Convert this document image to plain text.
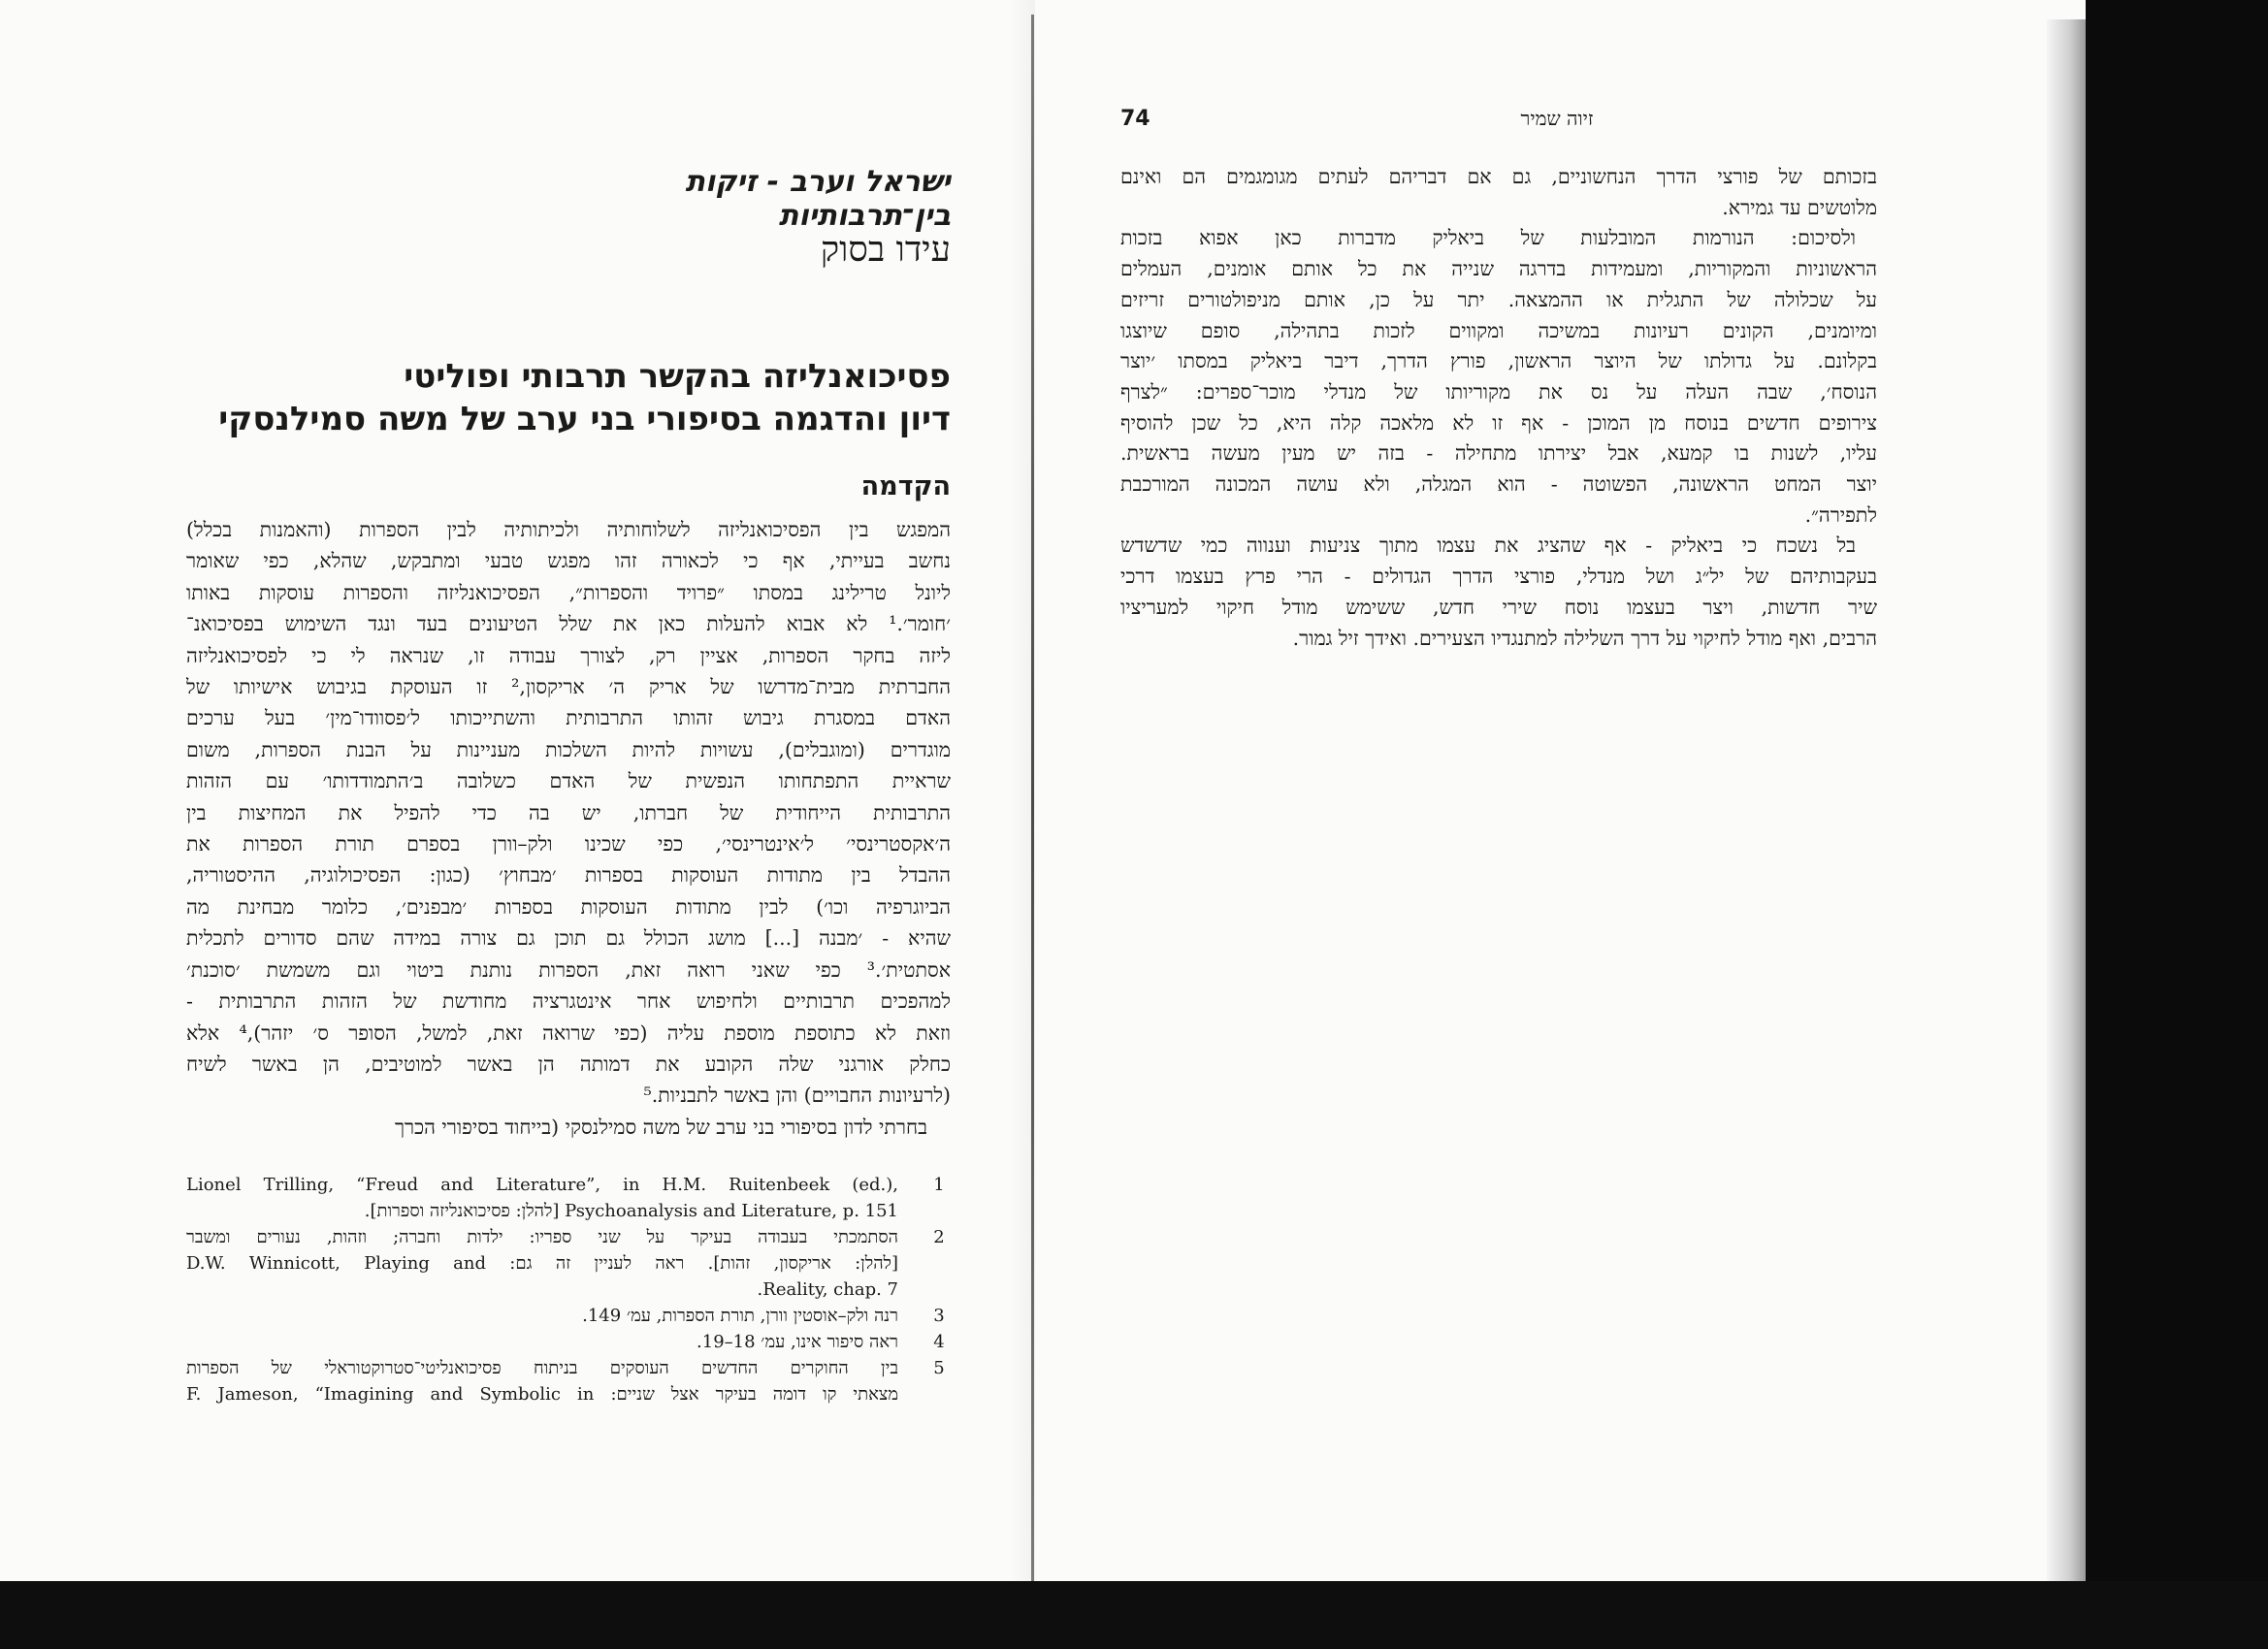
ישראל וערב - זיקות בין־תרבותיות
עידו בסוק
פסיכואנליזה בהקשר תרבותי ופוליטי
דיון והדגמה בסיפורי בני ערב של משה סמילנסקי
הקדמה
המפגש בין הפסיכואנליזה לשלוחותיה ולכיתותיה לבין הספרות (והאמנות בכלל)
נחשב בעייתי, אף כי לכאורה זהו מפגש טבעי ומתבקש, שהלא, כפי שאומר
ליונל טרילינג במסתו ״פרויד והספרות״, הפסיכואנליזה והספרות עוסקות באותו
׳חומר׳.¹ לא אבוא להעלות כאן את שלל הטיעונים בעד ונגד השימוש בפסיכואנ־
ליזה בחקר הספרות, אציין רק, לצורך עבודה זו, שנראה לי כי לפסיכואנליזה
החברתית מבית־מדרשו של אריק ה׳ אריקסון,² זו העוסקת בגיבוש אישיותו של
האדם במסגרת גיבוש זהותו התרבותית והשתייכותו ל׳פסוודו־מין׳ בעל ערכים
מוגדרים (ומוגבלים), עשויות להיות השלכות מעניינות על הבנת הספרות, משום
שראיית התפתחותו הנפשית של האדם כשלובה ב׳התמודדותו׳ עם הזהות
התרבותית הייחודית של חברתו, יש בה כדי להפיל את המחיצות בין
ה׳אקסטרינסי׳ ל׳אינטרינסי׳, כפי שכינו ולק–וורן בספרם תורת הספרות את
ההבדל בין מתודות העוסקות בספרות ׳מבחוץ׳ (כגון: הפסיכולוגיה, ההיסטוריה,
הביוגרפיה וכו׳) לבין מתודות העוסקות בספרות ׳מבפנים׳, כלומר מבחינת מה
שהיא - ׳מבנה [...] מושג הכולל גם תוכן גם צורה במידה שהם סדורים לתכלית
אסתטית׳.³ כפי שאני רואה זאת, הספרות נותנת ביטוי וגם משמשת ׳סוכנת׳
למהפכים תרבותיים ולחיפוש אחר אינטגרציה מחודשת של הזהות התרבותית -
וזאת לא כתוספת מוספת עליה (כפי שרואה זאת, למשל, הסופר ס׳ יזהר),⁴ אלא
כחלק אורגני שלה הקובע את דמותה הן באשר למוטיבים, הן באשר לשיח
(לרעיונות החבויים) והן באשר לתבניות.⁵
בחרתי לדון בסיפורי בני ערב של משה סמילנסקי (בייחוד בסיפורי הכרך
1
Lionel Trilling, “Freud and Literature”, in H.M. Ruitenbeek (ed.),
Psychoanalysis and Literature, p. 151 [להלן: פסיכואנליזה וספרות].
2
הסתמכתי בעבודה בעיקר על שני ספריו: ילדות וחברה; וזהות, נעורים ומשבר
[להלן: אריקסון, זהות]. ראה לעניין זה גם: D.W. Winnicott, Playing and
Reality, chap. 7.
3
רנה ולק–אוסטין וורן, תורת הספרות, עמ׳ 149.
4
ראה סיפור אינו, עמ׳ 18–19.
5
בין החוקרים החדשים העוסקים בניתוח פסיכואנליטי־סטרוקטוראלי של הספרות
מצאתי קו דומה בעיקר אצל שניים: F. Jameson, “Imagining and Symbolic in
74	זיוה שמיר
בזכותם של פורצי הדרך הנחשוניים, גם אם דבריהם לעתים מגומגמים הם ואינם
מלוטשים עד גמירא.
ולסיכום: הנורמות המובלעות של ביאליק מדברות כאן אפוא בזכות
הראשוניות והמקוריות, ומעמידות בדרגה שנייה את כל אותם אומנים, העמלים
על שכלולה של התגלית או ההמצאה. יתר על כן, אותם מניפולטורים זריזים
ומיומנים, הקונים רעיונות במשיכה ומקווים לזכות בתהילה, סופם שיוצגו
בקלונם. על גדולתו של היוצר הראשון, פורץ הדרך, דיבר ביאליק במסתו ׳יוצר
הנוסח׳, שבה העלה על נס את מקוריותו של מנדלי מוכר־ספרים: ״לצרף
צירופים חדשים בנוסח מן המוכן - אף זו לא מלאכה קלה היא, כל שכן להוסיף
עליו, לשנות בו קמעא, אבל יצירתו מתחילה - בזה יש מעין מעשה בראשית.
יוצר המחט הראשונה, הפשוטה - הוא המגלה, ולא עושה המכונה המורכבת
לתפירה״.
בל נשכח כי ביאליק - אף שהציג את עצמו מתוך צניעות וענווה כמי שדשדש
בעקבותיהם של יל״ג ושל מנדלי, פורצי הדרך הגדולים - הרי פרץ בעצמו דרכי
שיר חדשות, ויצר בעצמו נוסח שירי חדש, ששימש מודל חיקוי למעריציו
הרבים, ואף מודל לחיקוי על דרך השלילה למתנגדיו הצעירים. ואידך זיל גמור.
